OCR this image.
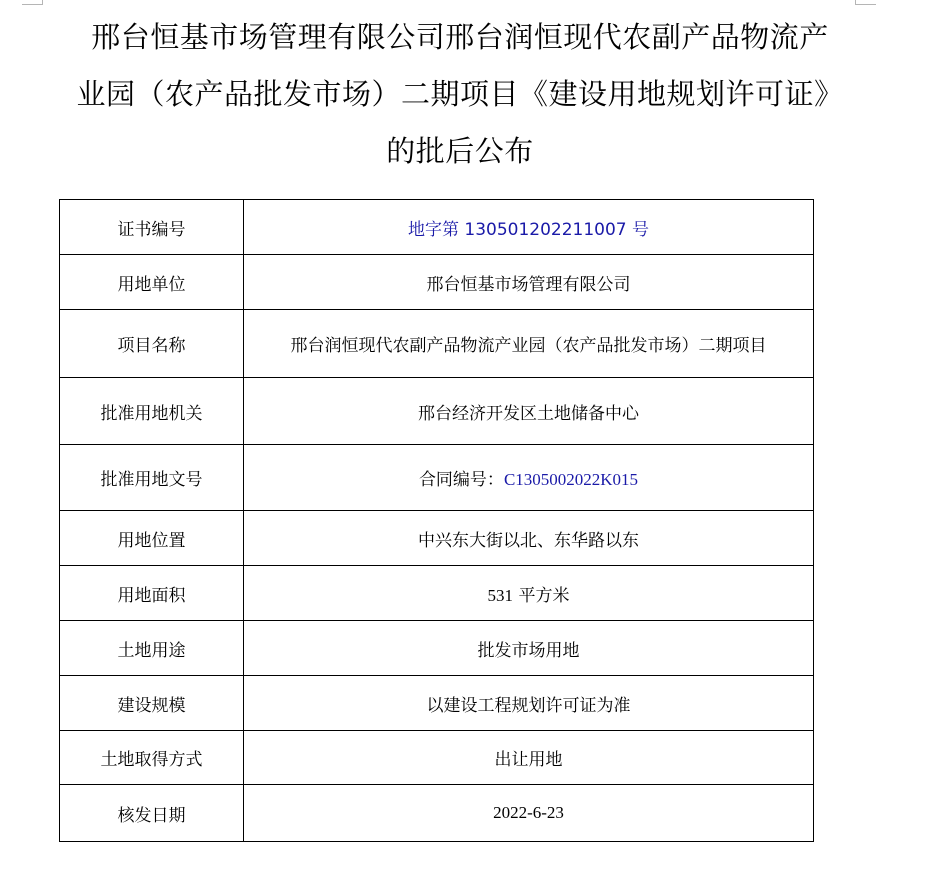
邢台恒基市场管理有限公司邢台润恒现代农副产品物流产
业园（农产品批发市场）二期项目《建设用地规划许可证》
的批后公布
证书编号	地字第 130501202211007 号
用地单位	邢台恒基市场管理有限公司
项目名称	邢台润恒现代农副产品物流产业园（农产品批发市场）二期项目
批准用地机关	邢台经济开发区土地储备中心
批准用地文号	合同编号：C1305002022K015
用地位置	中兴东大街以北、东华路以东
用地面积	531 平方米
土地用途	批发市场用地
建设规模	以建设工程规划许可证为准
土地取得方式	出让用地
核发日期	2022-6-23
